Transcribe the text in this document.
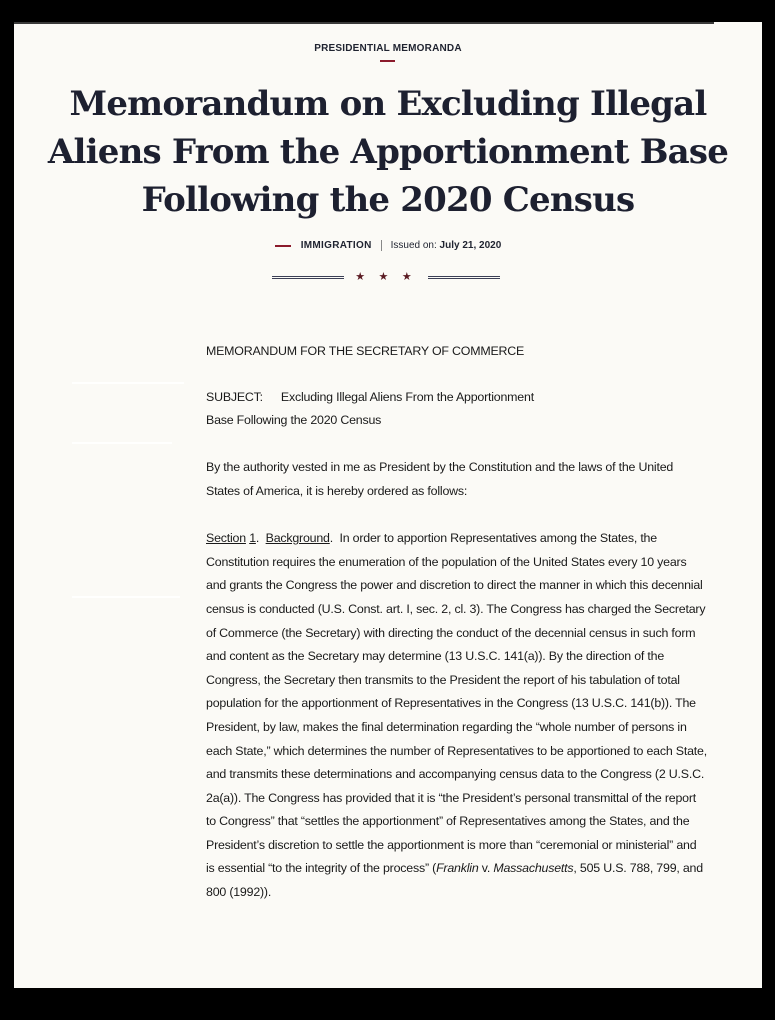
PRESIDENTIAL MEMORANDA
Memorandum on Excluding Illegal Aliens From the Apportionment Base Following the 2020 Census
IMMIGRATION Issued on: July 21, 2020
★ ★ ★

MEMORANDUM FOR THE SECRETARY OF COMMERCE

SUBJECT: Excluding Illegal Aliens From the Apportionment
Base Following the 2020 Census

By the authority vested in me as President by the Constitution and the laws of the United States of America, it is hereby ordered as follows:

Section 1.  Background.  In order to apportion Representatives among the States, the Constitution requires the enumeration of the population of the United States every 10 years and grants the Congress the power and discretion to direct the manner in which this decennial census is conducted (U.S. Const. art. I, sec. 2, cl. 3). The Congress has charged the Secretary of Commerce (the Secretary) with directing the conduct of the decennial census in such form and content as the Secretary may determine (13 U.S.C. 141(a)). By the direction of the Congress, the Secretary then transmits to the President the report of his tabulation of total population for the apportionment of Representatives in the Congress (13 U.S.C. 141(b)). The President, by law, makes the final determination regarding the “whole number of persons in each State,” which determines the number of Representatives to be apportioned to each State, and transmits these determinations and accompanying census data to the Congress (2 U.S.C. 2a(a)). The Congress has provided that it is “the President’s personal transmittal of the report to Congress” that “settles the apportionment” of Representatives among the States, and the President’s discretion to settle the apportionment is more than “ceremonial or ministerial” and is essential “to the integrity of the process” (Franklin v. Massachusetts, 505 U.S. 788, 799, and 800 (1992)).
